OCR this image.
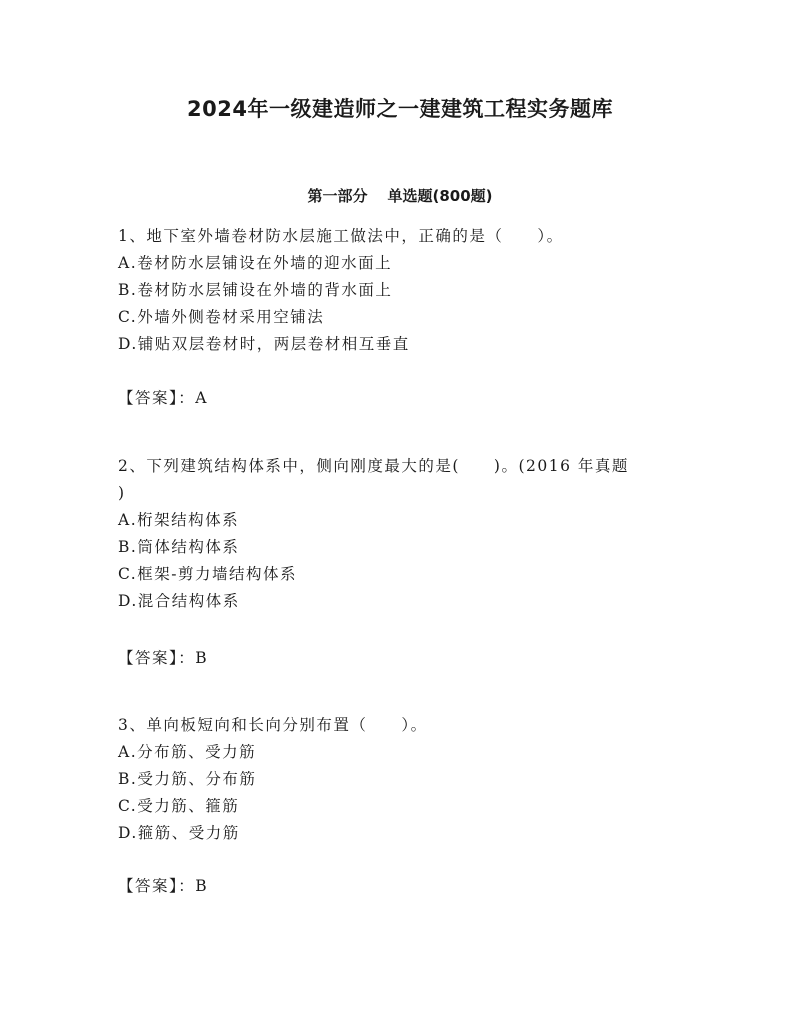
2024年一级建造师之一建建筑工程实务题库
第一部分 单选题(800题)
1、地下室外墙卷材防水层施工做法中，正确的是（　　）。
A.卷材防水层铺设在外墙的迎水面上
B.卷材防水层铺设在外墙的背水面上
C.外墙外侧卷材采用空铺法
D.铺贴双层卷材时，两层卷材相互垂直
【答案】：A
2、下列建筑结构体系中，侧向刚度最大的是(　　)。(2016 年真题
)
A.桁架结构体系
B.筒体结构体系
C.框架-剪力墙结构体系
D.混合结构体系
【答案】：B
3、单向板短向和长向分别布置（　　）。
A.分布筋、受力筋
B.受力筋、分布筋
C.受力筋、箍筋
D.箍筋、受力筋
【答案】：B
